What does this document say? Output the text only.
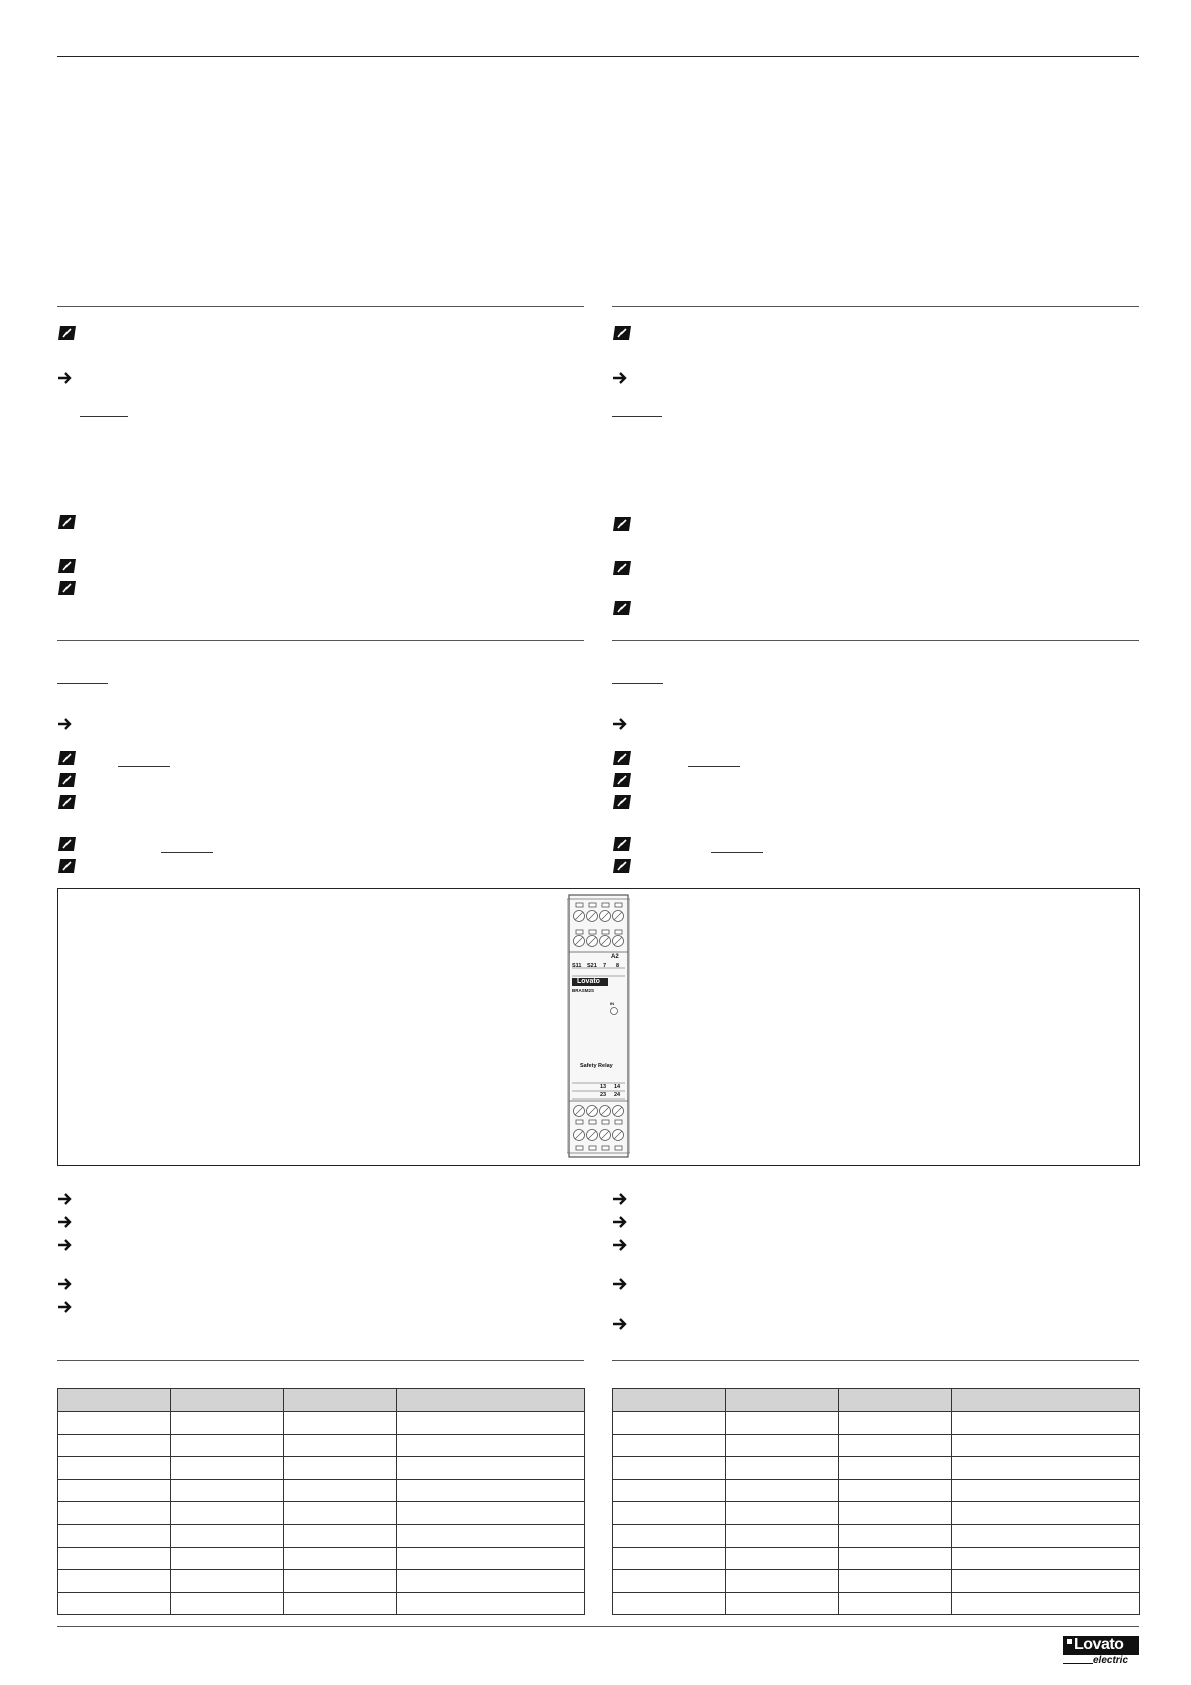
A2
S11 S21 7 8
Lovato
BRASM2S
IN
Safety Relay
13 14
23 24

Lovato
electric
